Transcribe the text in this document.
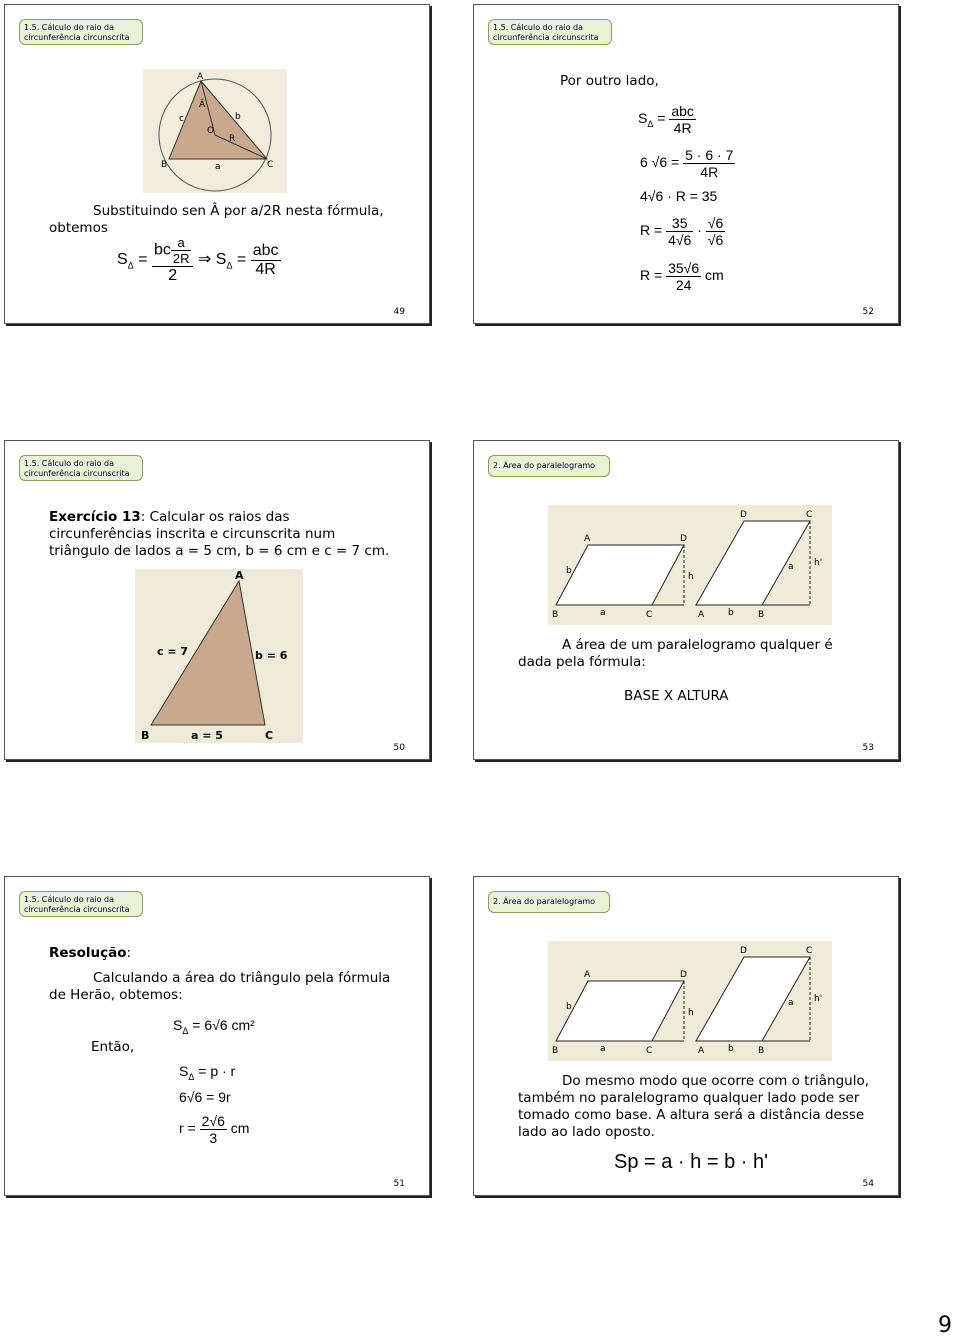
1.5. Cálculo do raio da circunferência circunscrita
A
Â
b
c
O
R
B	C
a
Substituindo sen Â por a/2R nesta fórmula,
obtemos
$S_\Delta = \frac{bc \frac{a}{2R}}{2}$ ⇒ $S_\Delta = \frac{\text{abc}}{4R}$
49
1.5. Cálculo do raio da circunferência circunscrita
Por outro lado,
$S_\Delta = \frac{\text{abc}}{4R}$
6 $√6 = \frac{5 \cdot 6 \cdot 7}{4R}$
4√6 · R = 35
$R = \frac{35}{4√6} \cdot \frac{√6}{√6}$
$R = \frac{35√6}{24}$ cm
52
1.5. Cálculo do raio da circunferência circunscrita
Exercício 13: Calcular os raios das circunferências inscrita e circunscrita num triângulo de lados a = 5 cm, b = 6 cm e c = 7 cm.
A
c = 7	b = 6
B	a = 5	C
50
2. Área do paralelogramo
A	D
B	C
a
b
h
D	C
A	B
b
a h'
A área de um paralelogramo qualquer é dada pela fórmula:
BASE X ALTURA
53
1.5. Cálculo do raio da circunferência circunscrita
Resolução:
Calculando a área do triângulo pela fórmula de Herão, obtemos:
$S_\Delta = 6√6$ cm²
Então,
$S_\Delta = p \cdot r$
6√6 = 9r
$r = \frac{2√6}{3}$ cm
51
2. Área do paralelogramo
A	D
B	C
a
b
h
D	C
A	B
b
a h'
Do mesmo modo que ocorre com o triângulo, também no paralelogramo qualquer lado pode ser tomado como base. A altura será a distância desse lado ao lado oposto.
Sp = a · h = b · h'
54
9
